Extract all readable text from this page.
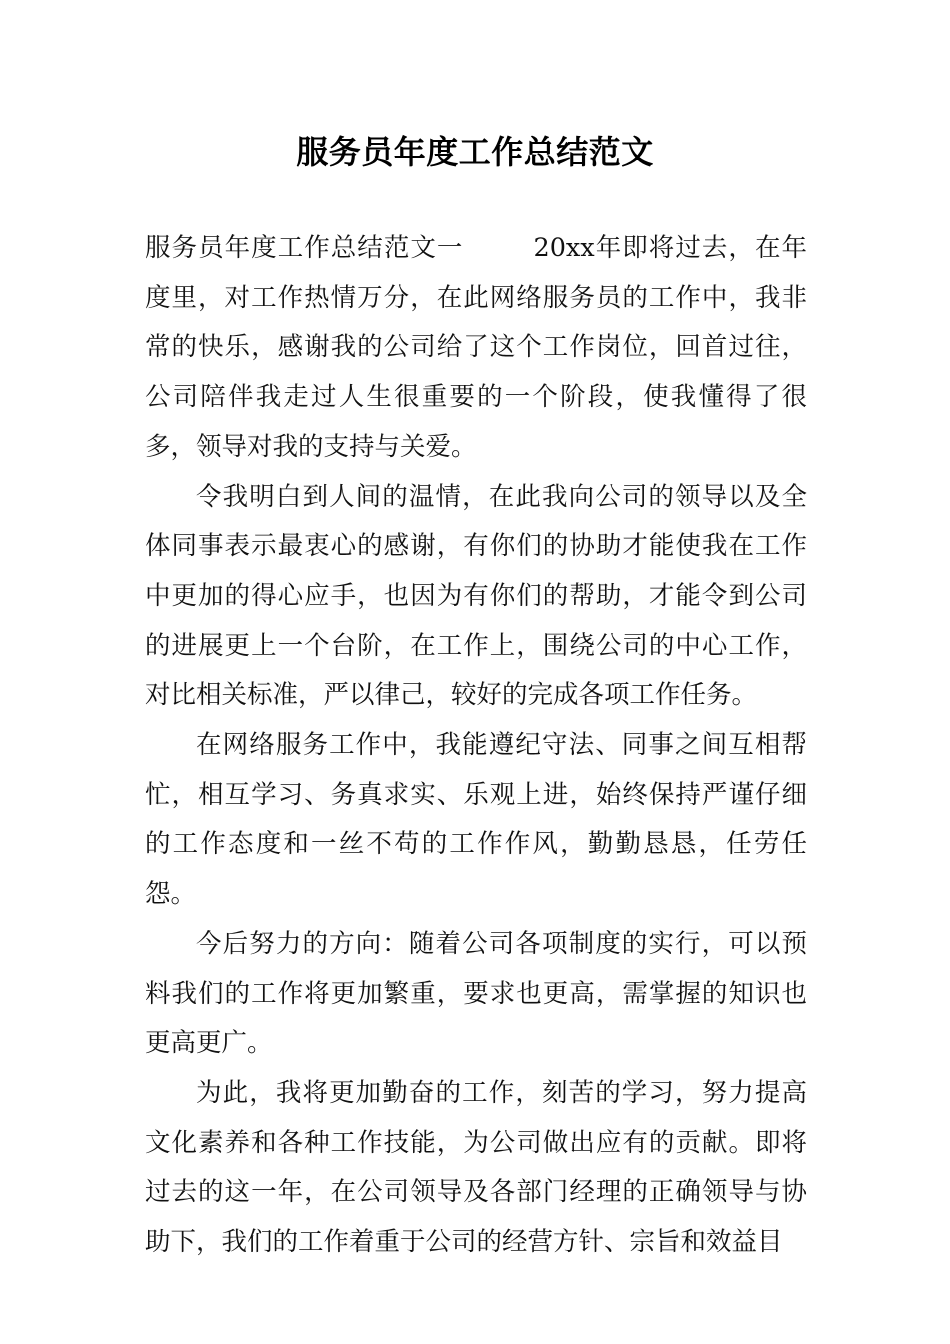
服务员年度工作总结范文

服务员年度工作总结范文一	20xx年即将过去，在年度里，对工作热情万分，在此网络服务员的工作中，我非常的快乐，感谢我的公司给了这个工作岗位，回首过往，公司陪伴我走过人生很重要的一个阶段，使我懂得了很多，领导对我的支持与关爱。

令我明白到人间的温情，在此我向公司的领导以及全体同事表示最衷心的感谢，有你们的协助才能使我在工作中更加的得心应手，也因为有你们的帮助，才能令到公司的进展更上一个台阶，在工作上，围绕公司的中心工作，对比相关标准，严以律己，较好的完成各项工作任务。

在网络服务工作中，我能遵纪守法、同事之间互相帮忙，相互学习、务真求实、乐观上进，始终保持严谨仔细的工作态度和一丝不苟的工作作风，勤勤恳恳，任劳任怨。

今后努力的方向：随着公司各项制度的实行，可以预料我们的工作将更加繁重，要求也更高，需掌握的知识也更高更广。

为此，我将更加勤奋的工作，刻苦的学习，努力提高文化素养和各种工作技能，为公司做出应有的贡献。即将过去的这一年，在公司领导及各部门经理的正确领导与协助下，我们的工作着重于公司的经营方针、宗旨和效益目
